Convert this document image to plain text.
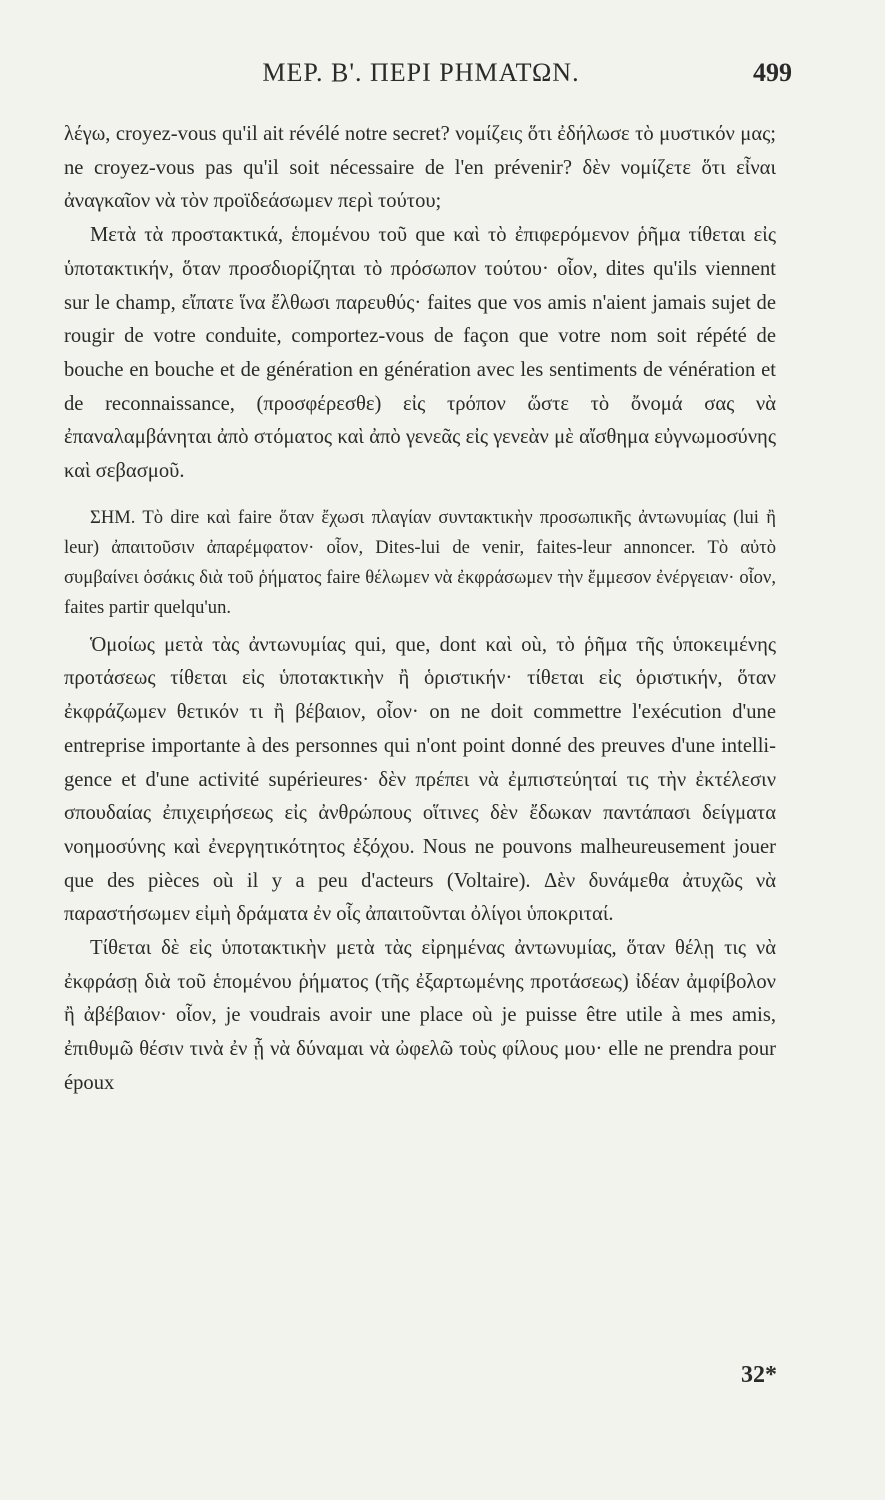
ΜΕΡ. Β'. ΠΕΡΙ ΡΗΜΑΤΩΝ.	499

λέγω, croyez-vous qu'il ait révélé notre secret? νομίζεις ὅτι ἐδήλωσε τὸ μυστικόν μας; ne croyez-vous pas qu'il soit nécessaire de l'en prévenir? δὲν νομίζετε ὅτι εἶναι ἀναγκαῖον νὰ τὸν προϊδεάσωμεν περὶ τούτου;

Μετὰ τὰ προστακτικά, ἑπομένου τοῦ que καὶ τὸ ἐπιφερόμενον ῥῆμα τίθεται εἰς ὑποτακτικήν, ὅταν προσδιορίζηται τὸ πρόσωπον τούτου· οἷον, dites qu'ils viennent sur le champ, εἴπατε ἵνα ἔλθωσι παρευθύς· faites que vos amis n'aient jamais sujet de rougir de votre conduite, comportez-vous de façon que votre nom soit répété de bouche en bouche et de génération en génération avec les sentiments de vénération et de reconnaissance, (προσφέρεσθε) εἰς τρόπον ὥστε τὸ ὄνομά σας νὰ ἐπαναλαμβάνηται ἀπὸ στόματος καὶ ἀπὸ γενεᾶς εἰς γενεὰν μὲ αἴσθημα εὐγνωμοσύνης καὶ σεβασμοῦ.

ΣΗΜ. Τὸ dire καὶ faire ὅταν ἔχωσι πλαγίαν συντακτικὴν προσωπικῆς ἀντωνυμίας (lui ἢ leur) ἀπαιτοῦσιν ἀπαρέμφατον· οἷον, Dites-lui de venir, faites-leur annoncer. Τὸ αὐτὸ συμβαίνει ὁσάκις διὰ τοῦ ῥήματος faire θέλωμεν νὰ ἐκφράσωμεν τὴν ἔμμεσον ἐνέργειαν· οἷον, faites partir quelqu'un.

Ὁμοίως μετὰ τὰς ἀντωνυμίας qui, que, dont καὶ où, τὸ ῥῆμα τῆς ὑποκειμένης προτάσεως τίθεται εἰς ὑποτακτικὴν ἢ ὁριστικήν· τίθεται εἰς ὁριστικήν, ὅταν ἐκφράζωμεν θετικόν τι ἢ βέβαιον, οἷον· on ne doit commettre l'exécution d'une entreprise importante à des personnes qui n'ont point donné des preuves d'une intelligence et d'une activité supérieures· δὲν πρέπει νὰ ἐμπιστεύηταί τις τὴν ἐκτέλεσιν σπουδαίας ἐπιχειρήσεως εἰς ἀνθρώπους οἵτινες δὲν ἔδωκαν παντάπασι δείγματα νοημοσύνης καὶ ἐνεργητικότητος ἐξόχου. Nous ne pouvons malheureusement jouer que des pièces où il y a peu d'acteurs (Voltaire). Δὲν δυνάμεθα ἀτυχῶς νὰ παραστήσωμεν εἰμὴ δράματα ἐν οἷς ἀπαιτοῦνται ὀλίγοι ὑποκριταί.

Τίθεται δὲ εἰς ὑποτακτικὴν μετὰ τὰς εἰρημένας ἀντωνυμίας, ὅταν θέλῃ τις νὰ ἐκφράσῃ διὰ τοῦ ἑπομένου ῥήματος (τῆς ἐξαρτωμένης προτάσεως) ἰδέαν ἀμφίβολον ἢ ἀβέβαιον· οἷον, je voudrais avoir une place où je puisse être utile à mes amis, ἐπιθυμῶ θέσιν τινὰ ἐν ᾗ νὰ δύναμαι νὰ ὠφελῶ τοὺς φίλους μου· elle ne prendra pour époux

32*
